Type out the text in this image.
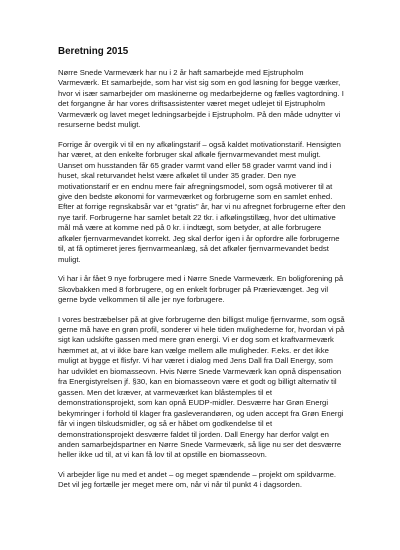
Beretning 2015

Nørre Snede Varmeværk har nu i 2 år haft samarbejde med Ejstrupholm Varmeværk. Et samarbejde, som har vist sig som en god løsning for begge værker, hvor vi især samarbejder om maskinerne og medarbejderne og fælles vagtordning. I det forgangne år har vores driftsassistenter været meget udlejet til Ejstrupholm Varmeværk og lavet meget ledningsarbejde i Ejstrupholm. På den måde udnytter vi resurserne bedst muligt.

Forrige år overgik vi til en ny afkølingstarif – også kaldet motivationstarif. Hensigten har været, at den enkelte forbruger skal afkøle fjernvarmevandet mest muligt. Uanset om husstanden får 65 grader varmt vand eller 58 grader varmt vand ind i huset, skal returvandet helst være afkølet til under 35 grader. Den nye motivationstarif er en endnu mere fair afregningsmodel, som også motiverer til at give den bedste økonomi for varmeværket og forbrugerne som en samlet enhed. Efter at forrige regnskabsår var et “gratis” år, har vi nu afregnet forbrugerne efter den nye tarif. Forbrugerne har samlet betalt 22 tkr. i afkølingstillæg, hvor det ultimative mål må være at komme ned på 0 kr. i indtægt, som betyder, at alle forbrugere afkøler fjernvarmevandet korrekt. Jeg skal derfor igen i år opfordre alle forbrugerne til, at få optimeret jeres fjernvarmeanlæg, så det afkøler fjernvarmevandet bedst muligt.

Vi har i år fået 9 nye forbrugere med i Nørre Snede Varmeværk. En boligforening på Skovbakken med 8 forbrugere, og en enkelt forbruger på Prærievænget. Jeg vil gerne byde velkommen til alle jer nye forbrugere.

I vores bestræbelser på at give forbrugerne den billigst mulige fjernvarme, som også gerne må have en grøn profil, sonderer vi hele tiden mulighederne for, hvordan vi på sigt kan udskifte gassen med mere grøn energi. Vi er dog som et kraftvarmeværk hæmmet at, at vi ikke bare kan vælge mellem alle muligheder. F.eks. er det ikke muligt at bygge et flisfyr. Vi har været i dialog med Jens Dall fra Dall Energy, som har udviklet en biomasseovn. Hvis Nørre Snede Varmeværk kan opnå dispensation fra Energistyrelsen jf. §30, kan en biomasseovn være et godt og billigt alternativ til gassen. Men det kræver, at varmeværket kan blåstemples til et demonstrationsprojekt, som kan opnå EUDP-midler. Desværre har Grøn Energi bekymringer i forhold til klager fra gasleverandøren, og uden accept fra Grøn Energi får vi ingen tilskudsmidler, og så er håbet om godkendelse til et demonstrationsprojekt desværre faldet til jorden. Dall Energy har derfor valgt en anden samarbejdspartner en Nørre Snede Varmeværk, så lige nu ser det desværre heller ikke ud til, at vi kan få lov til at opstille en biomasseovn.

Vi arbejder lige nu med et andet – og meget spændende – projekt om spildvarme. Det vil jeg fortælle jer meget mere om, når vi når til punkt 4 i dagsorden.
